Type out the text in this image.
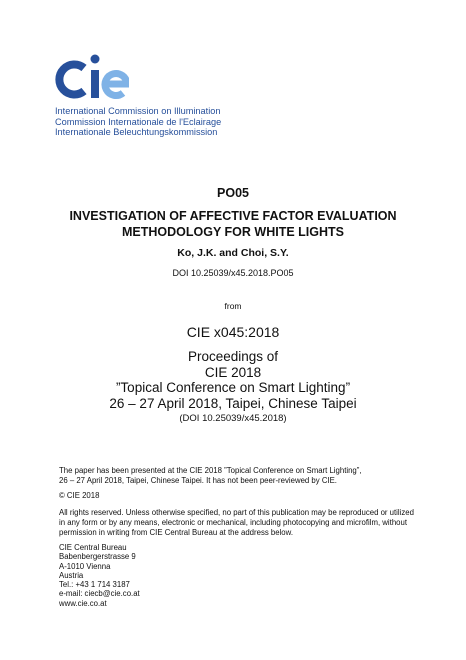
International Commission on Illumination
Commission Internationale de l'Eclairage
Internationale Beleuchtungskommission
PO05
INVESTIGATION OF AFFECTIVE FACTOR EVALUATION
METHODOLOGY FOR WHITE LIGHTS
Ko, J.K. and Choi, S.Y.
DOI 10.25039/x45.2018.PO05
from
CIE x045:2018
Proceedings of
CIE 2018
”Topical Conference on Smart Lighting”
26 – 27 April 2018, Taipei, Chinese Taipei
(DOI 10.25039/x45.2018)
The paper has been presented at the CIE 2018 ”Topical Conference on Smart Lighting”,
26 – 27 April 2018, Taipei, Chinese Taipei. It has not been peer-reviewed by CIE.
© CIE 2018
All rights reserved. Unless otherwise specified, no part of this publication may be reproduced or utilized
in any form or by any means, electronic or mechanical, including photocopying and microfilm, without
permission in writing from CIE Central Bureau at the address below.
CIE Central Bureau
Babenbergerstrasse 9
A-1010 Vienna
Austria
Tel.: +43 1 714 3187
e-mail: ciecb@cie.co.at
www.cie.co.at
